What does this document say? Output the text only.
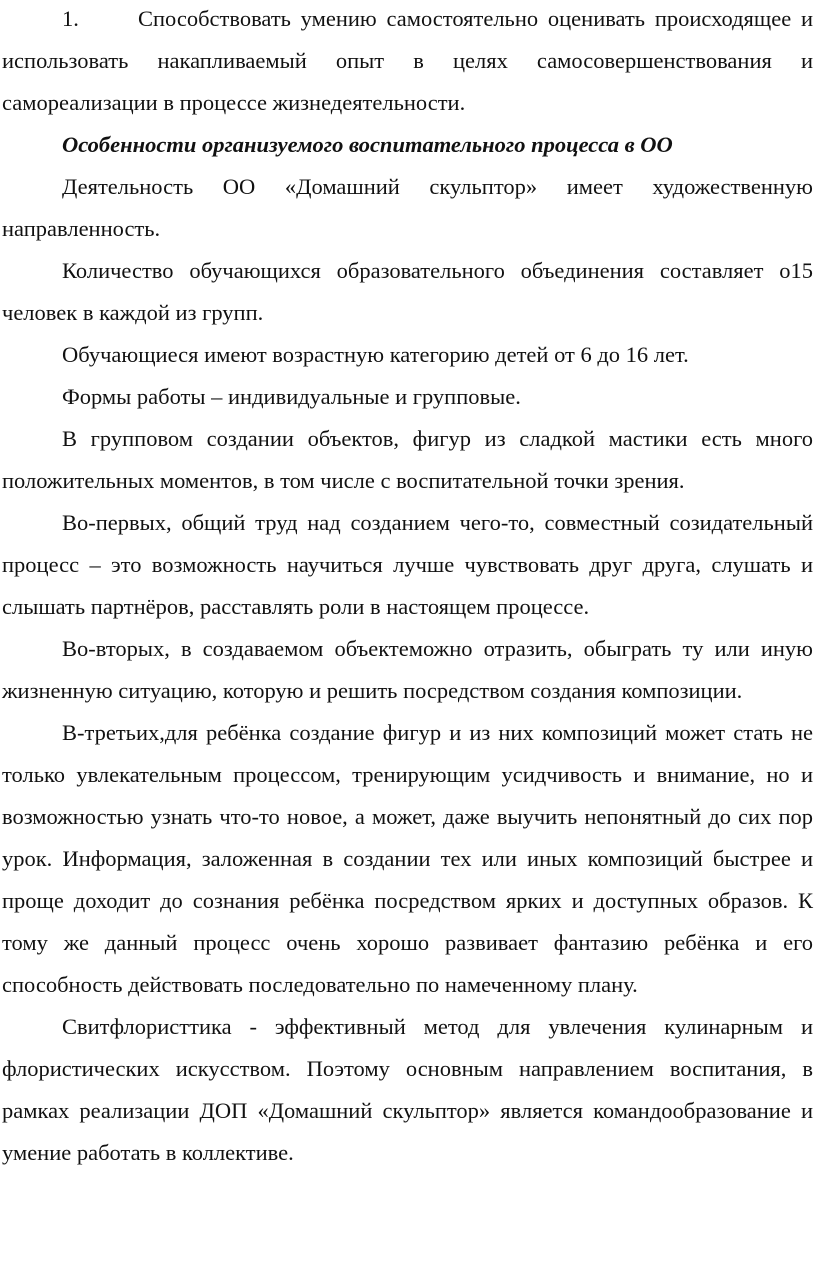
1.	Способствовать умению самостоятельно оценивать происходящее и использовать накапливаемый опыт в целях самосовершенствования и самореализации в процессе жизнедеятельности.

Особенности организуемого воспитательного процесса в ОО

Деятельность ОО «Домашний скульптор» имеет художественную направленность.

Количество обучающихся образовательного объединения составляет о15 человек в каждой из групп.

Обучающиеся имеют возрастную категорию детей от 6 до 16 лет.

Формы работы – индивидуальные и групповые.

В групповом создании объектов, фигур из сладкой мастики есть много положительных моментов, в том числе с воспитательной точки зрения.

Во-первых, общий труд над созданием чего-то, совместный созидательный процесс – это возможность научиться лучше чувствовать друг друга, слушать и слышать партнёров, расставлять роли в настоящем процессе.

Во-вторых, в создаваемом объектеможно отразить, обыграть ту или иную жизненную ситуацию, которую и решить посредством создания композиции.

В-третьих,для ребёнка создание фигур и из них композиций может стать не только увлекательным процессом, тренирующим усидчивость и внимание, но и возможностью узнать что-то новое, а может, даже выучить непонятный до сих пор урок. Информация, заложенная в создании тех или иных композиций быстрее и проще доходит до сознания ребёнка посредством ярких и доступных образов. К тому же данный процесс очень хорошо развивает фантазию ребёнка и его способность действовать последовательно по намеченному плану.

Свитфлористтика - эффективный метод для увлечения кулинарным и флористических искусством. Поэтому основным направлением воспитания, в рамках реализации ДОП «Домашний скульптор» является командообразование и умение работать в коллективе.
